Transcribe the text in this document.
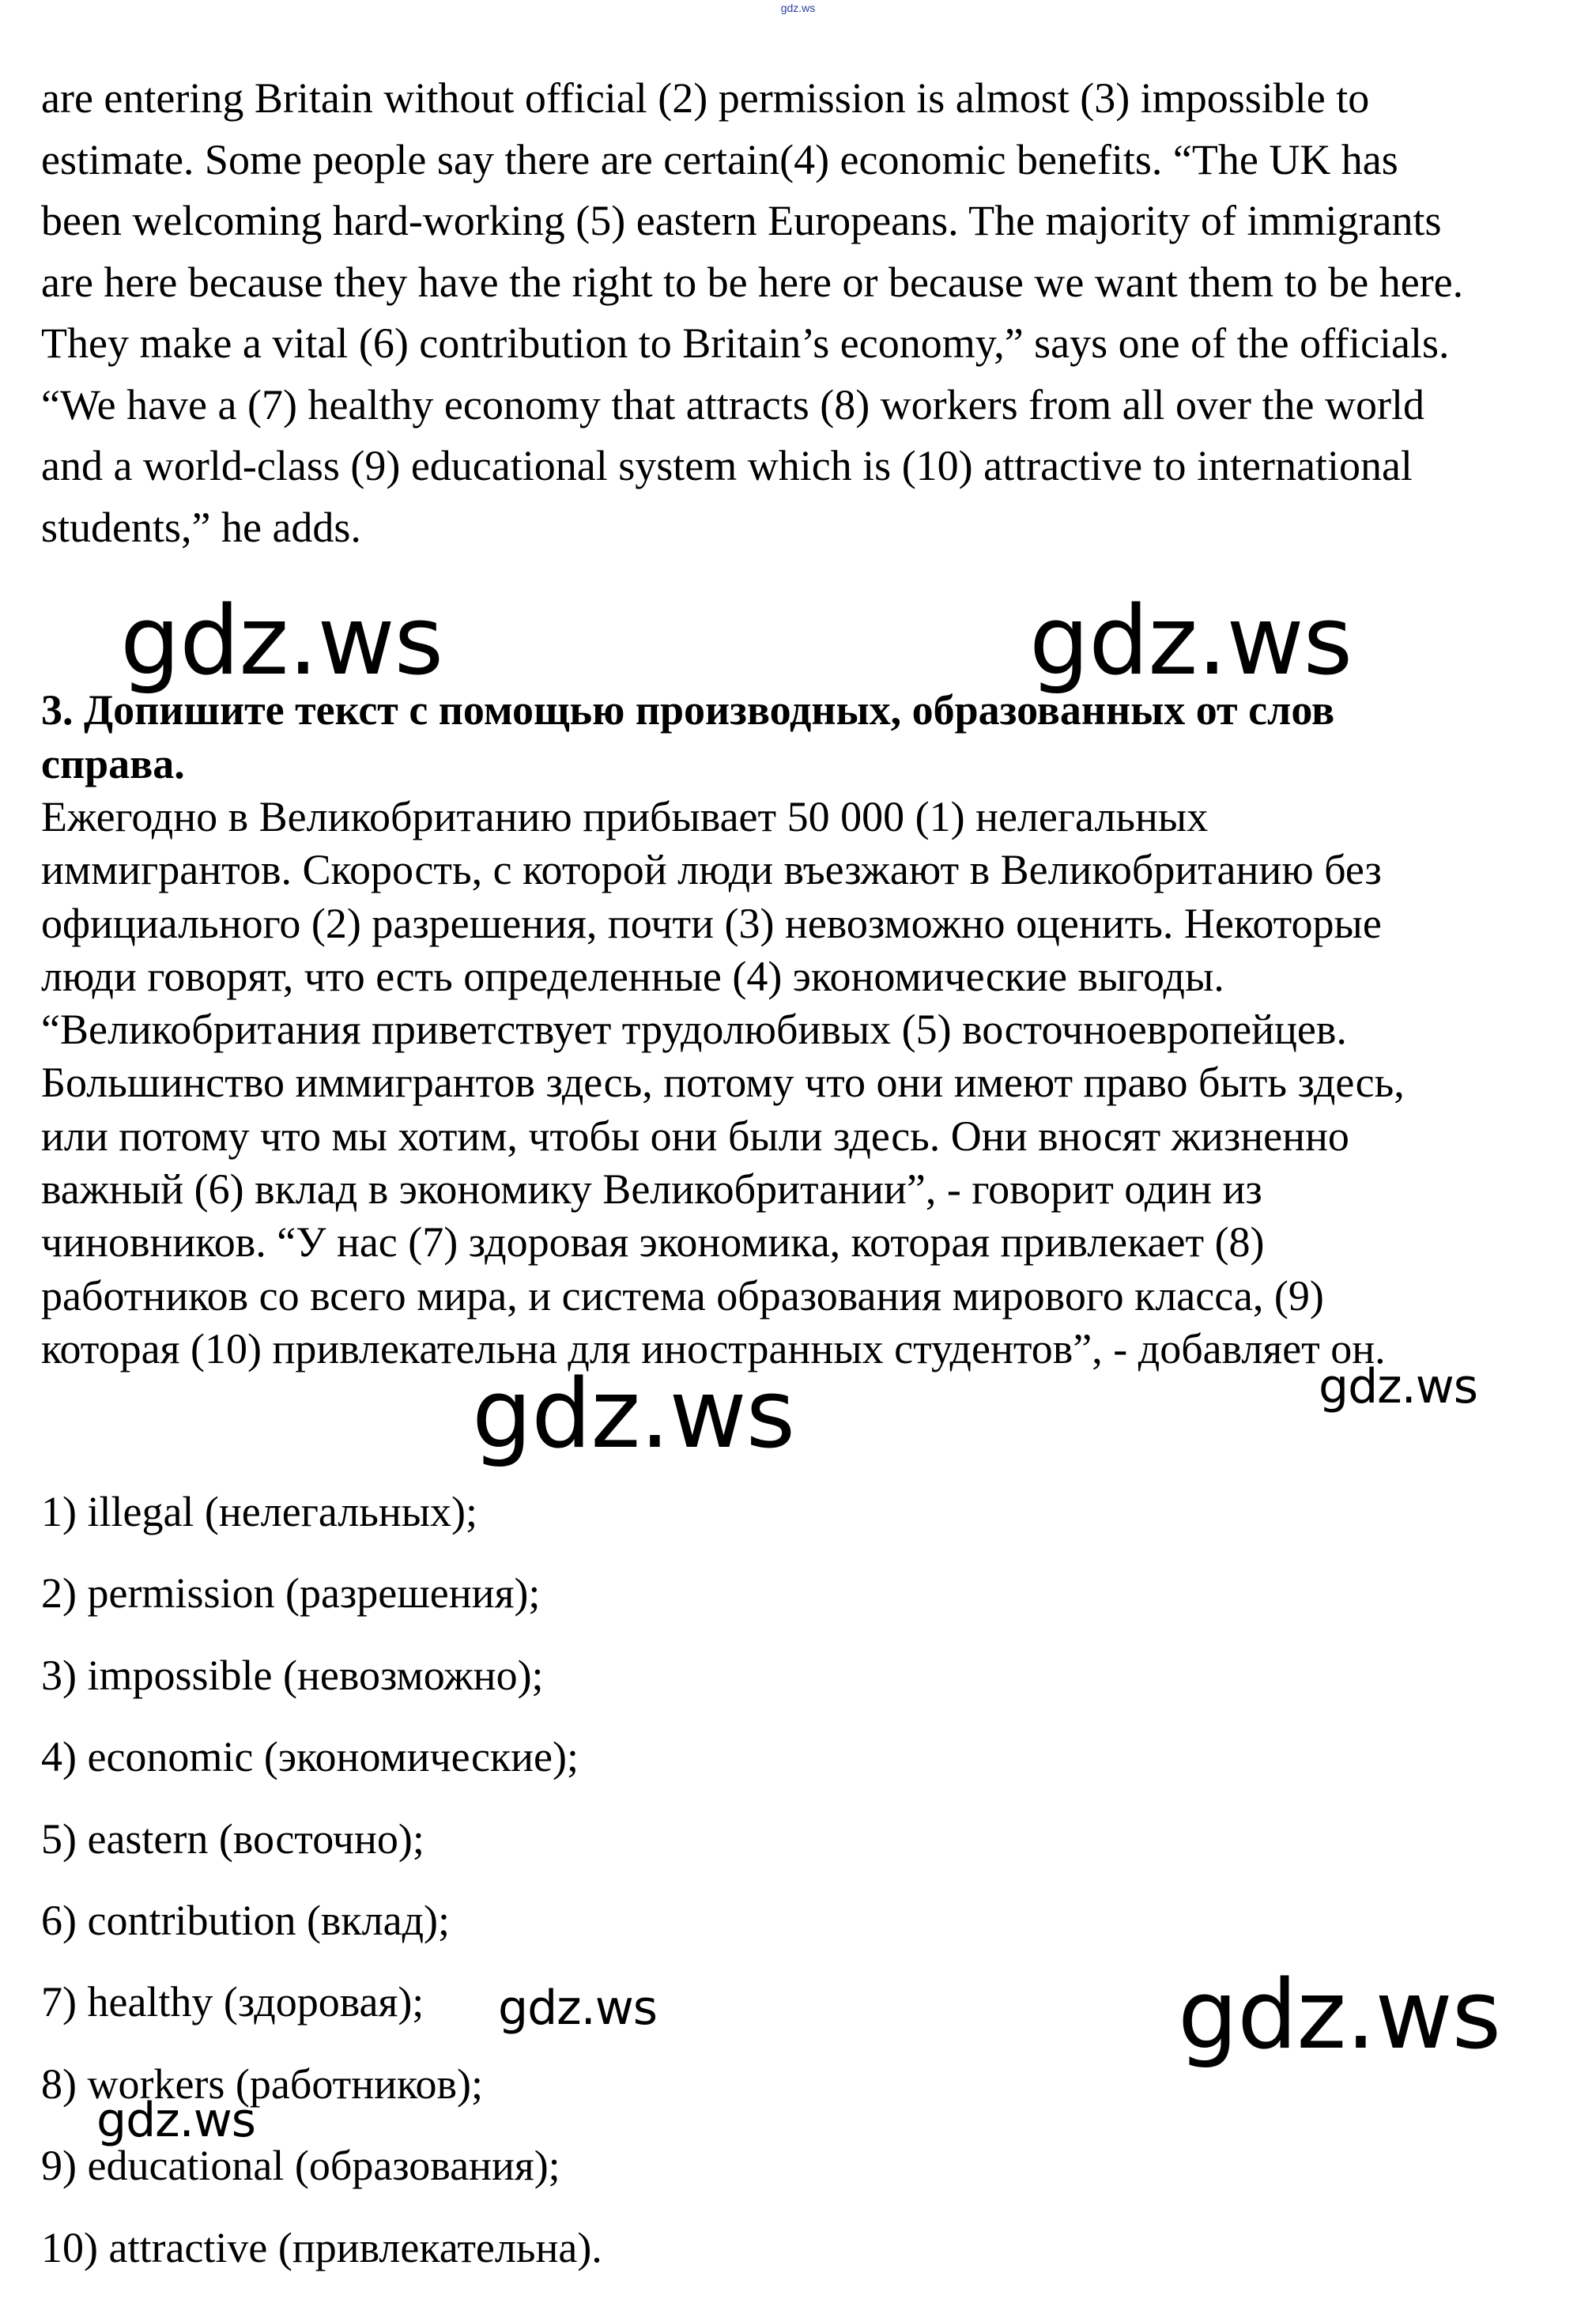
gdz.ws

are entering Britain without official (2) permission is almost (3) impossible to
estimate. Some people say there are certain(4) economic benefits. “The UK has
been welcoming hard-working (5) eastern Europeans. The majority of immigrants
are here because they have the right to be here or because we want them to be here.
They make a vital (6) contribution to Britain’s economy,” says one of the officials.
“We have a (7) healthy economy that attracts (8) workers from all over the world
and a world-class (9) educational system which is (10) attractive to international
students,” he adds.

gdz.ws	gdz.ws
3. Допишите текст с помощью производных, образованных от слов
справа.

Ежегодно в Великобританию прибывает 50 000 (1) нелегальных
иммигрантов. Скорость, с которой люди въезжают в Великобританию без
официального (2) разрешения, почти (3) невозможно оценить. Некоторые
люди говорят, что есть определенные (4) экономические выгоды.
“Великобритания приветствует трудолюбивых (5) восточноевропейцев.
Большинство иммигрантов здесь, потому что они имеют право быть здесь,
или потому что мы хотим, чтобы они были здесь. Они вносят жизненно
важный (6) вклад в экономику Великобритании”, - говорит один из
чиновников. “У нас (7) здоровая экономика, которая привлекает (8)
работников со всего мира, и система образования мирового класса, (9)
которая (10) привлекательна для иностранных студентов”, - добавляет он.

gdz.ws	gdz.ws
1) illegal (нелегальных);
2) permission (разрешения);
3) impossible (невозможно);
4) economic (экономические);
5) eastern (восточно);
6) contribution (вклад);
7) healthy (здоровая);
8) workers (работников);
9) educational (образования);
10) attractive (привлекательна).
gdz.ws	gdz.ws
gdz.ws
